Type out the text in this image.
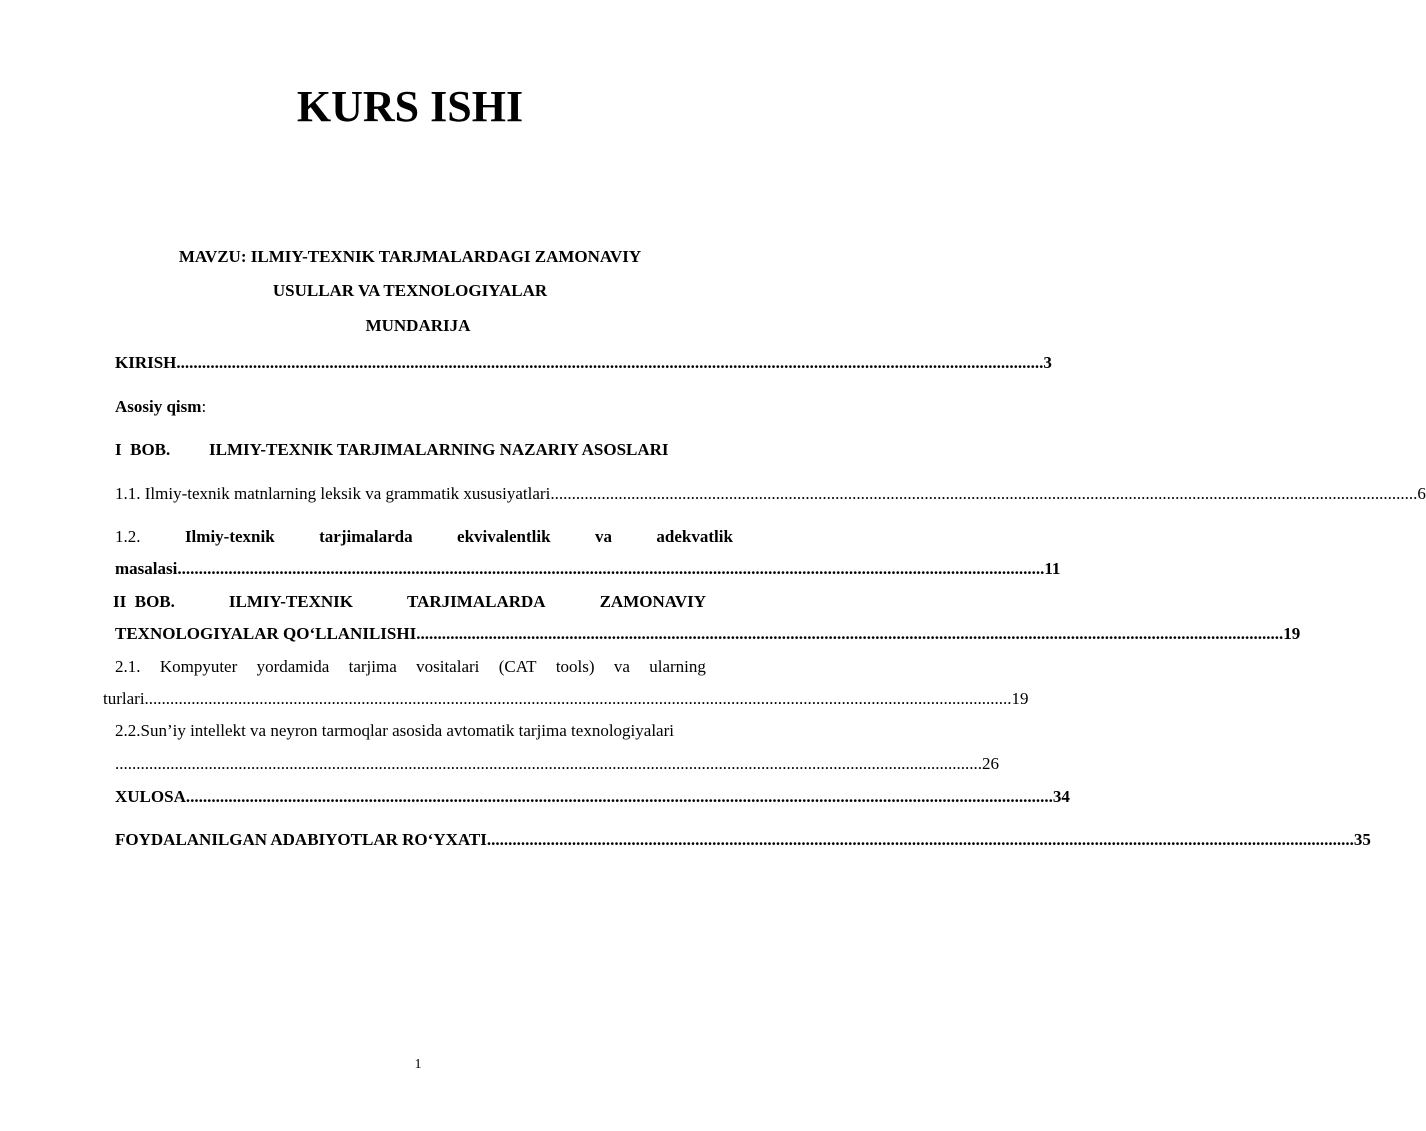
KURS ISHI
MAVZU: ILMIY-TEXNIK TARJMALARDAGI ZAMONAVIY
USULLAR VA TEXNOLOGIYALAR
MUNDARIJA
KIRISH ............................................................................................................................................................................................................ 3
Asosiy qism:
I  BOB. ILMIY-TEXNIK TARJIMALARNING NAZARIY ASOSLARI
1.1. Ilmiy-texnik matnlarning leksik va grammatik xususiyatlari ............................................................................................................................................................................................................ 6
1.2.	Ilmiy-texnik	tarjimalarda	ekvivalentlik	va	adekvatlik
masalasi ............................................................................................................................................................................................................ 11
II  BOB.	ILMIY-TEXNIK	TARJIMALARDA	ZAMONAVIY
TEXNOLOGIYALAR QO‘LLANILISHI ............................................................................................................................................................................................................ 19
2.1. Kompyuter yordamida tarjima vositalari (CAT tools) va ularning
turlari ............................................................................................................................................................................................................ 19
2.2.Sun’iy intellekt va neyron tarmoqlar asosida avtomatik tarjima texnologiyalari
............................................................................................................................................................................................................ 26
XULOSA ............................................................................................................................................................................................................ 34
FOYDALANILGAN ADABIYOTLAR RO‘YXATI ............................................................................................................................................................................................................ 35
1
